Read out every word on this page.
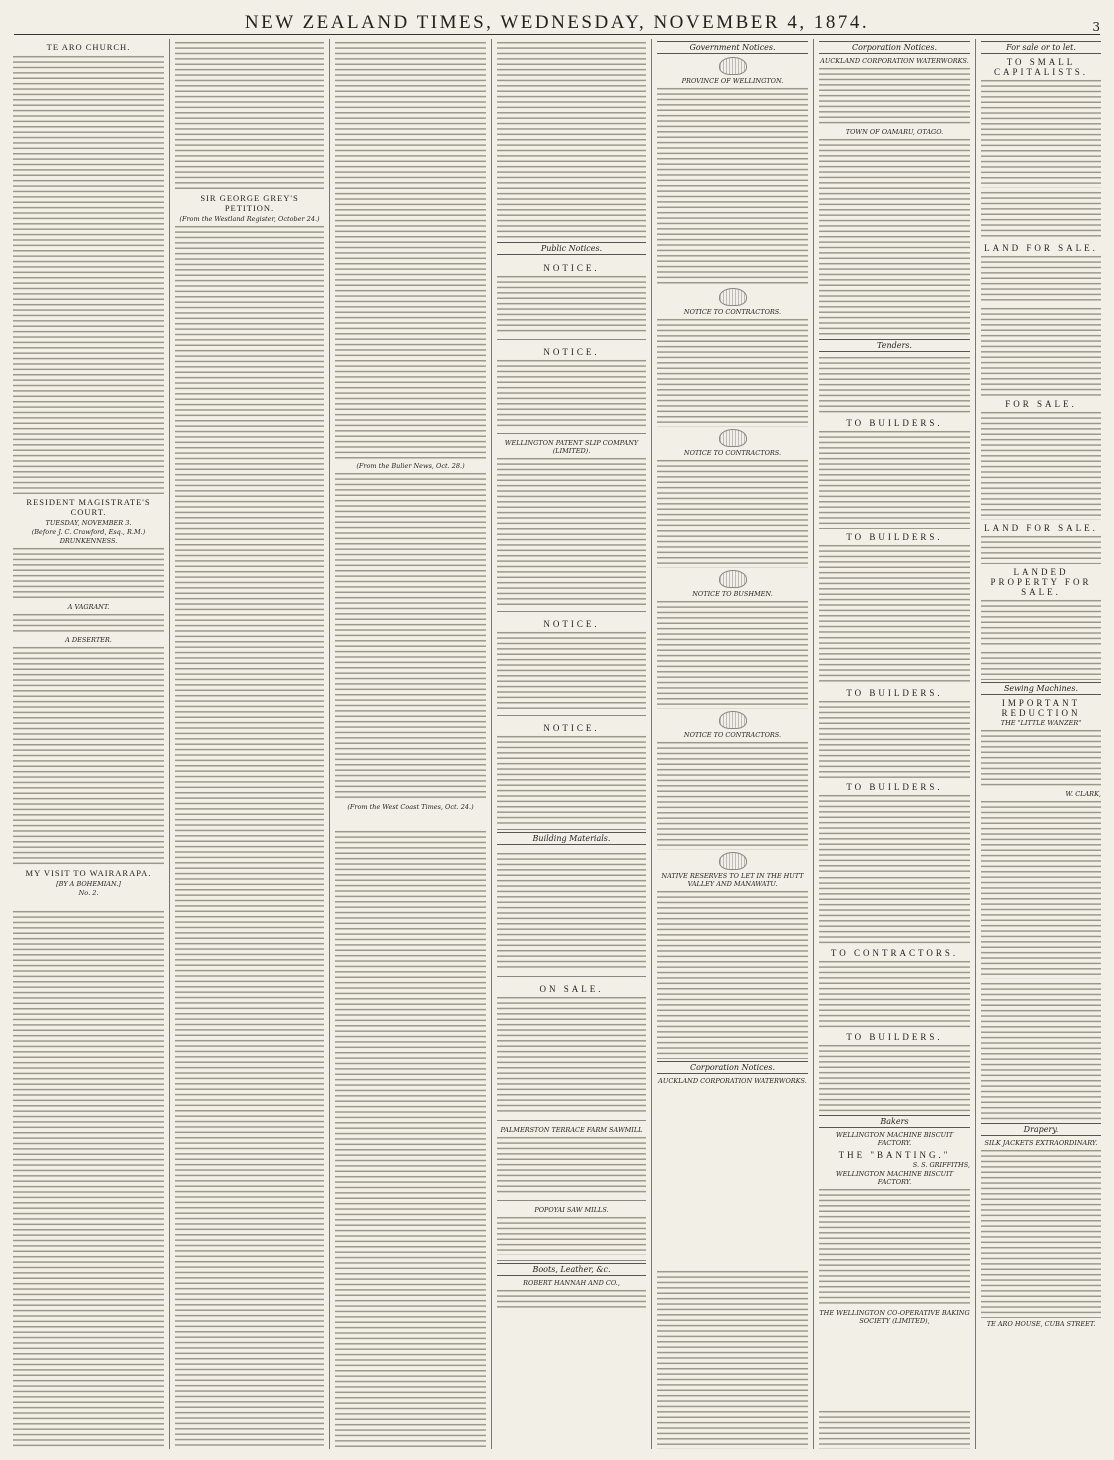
NEW ZEALAND TIMES, WEDNESDAY, NOVEMBER 4, 1874.	3
TE ARO CHURCH.
RESIDENT MAGISTRATE'S COURT.
TUESDAY, NOVEMBER 3.
(Before J. C. Crawford, Esq., R.M.)
DRUNKENNESS.
A VAGRANT.
A DESERTER.
MY VISIT TO WAIRARAPA.
[BY A BOHEMIAN.]
No. 2.
SIR GEORGE GREY'S PETITION.
(From the Westland Register, October 24.)
(From the Bulier News, Oct. 28.)
(From the West Coast Times, Oct. 24.)
Public Notices.
NOTICE.
NOTICE.
WELLINGTON PATENT SLIP COMPANY (LIMITED).
NOTICE.
NOTICE.
Building Materials.
ON SALE.
PALMERSTON TERRACE FARM SAWMILL
POPOYAI SAW MILLS.
Boots, Leather, &c.
ROBERT HANNAH AND CO.,
Government Notices.
PROVINCE OF WELLINGTON.
NOTICE TO CONTRACTORS.
NOTICE TO CONTRACTORS.
NOTICE TO BUSHMEN.
NOTICE TO CONTRACTORS.
NATIVE RESERVES TO LET IN THE HUTT VALLEY AND MANAWATU.
Corporation Notices.
AUCKLAND CORPORATION WATERWORKS.
Corporation Notices.
AUCKLAND CORPORATION WATERWORKS.
TOWN OF OAMARU, OTAGO.
Tenders.
TO BUILDERS.
TO BUILDERS.
TO BUILDERS.
TO BUILDERS.
TO CONTRACTORS.
TO BUILDERS.
Bakers
WELLINGTON MACHINE BISCUIT FACTORY.
THE "BANTING."
S. S. GRIFFITHS,
WELLINGTON MACHINE BISCUIT FACTORY.
THE WELLINGTON CO-OPERATIVE BAKING SOCIETY (LIMITED),
For sale or to let.
TO SMALL CAPITALISTS.
LAND FOR SALE.
FOR SALE.
LAND FOR SALE.
LANDED PROPERTY FOR SALE.
Sewing Machines.
IMPORTANT REDUCTION
THE "LITTLE WANZER"
W. CLARK,
Drapery.
SILK JACKETS EXTRAORDINARY.
TE ARO HOUSE, CUBA STREET.
